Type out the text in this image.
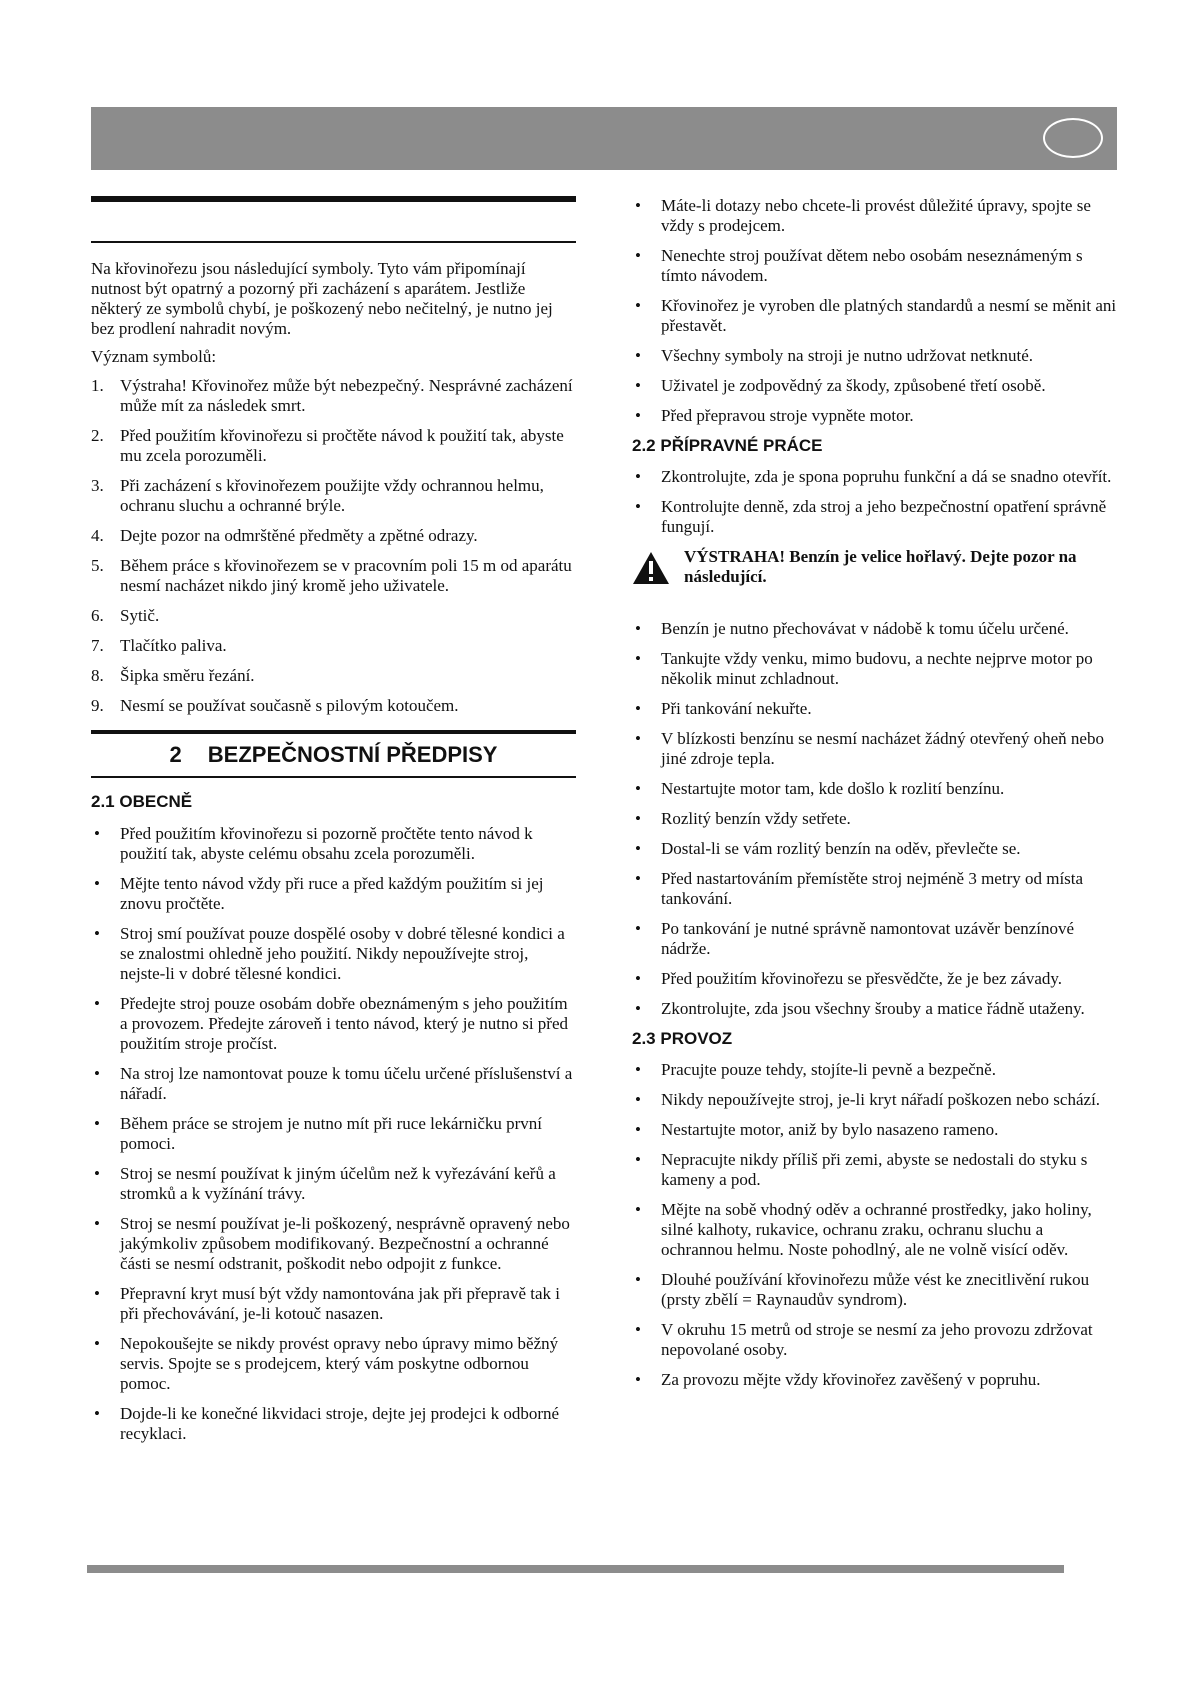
Na křovinořezu jsou následující symboly. Tyto vám připomínají nutnost být opatrný a pozorný při zacházení s aparátem. Jestliže některý ze symbolů chybí, je poškozený nebo nečitelný, je nutno jej bez prodlení nahradit novým.

Význam symbolů:

1. Výstraha! Křovinořez může být nebezpečný. Nesprávné zacházení může mít za následek smrt.
2. Před použitím křovinořezu si pročtěte návod k použití tak, abyste mu zcela porozuměli.
3. Při zacházení s křovinořezem použijte vždy ochrannou helmu, ochranu sluchu a ochranné brýle.
4. Dejte pozor na odmrštěné předměty a zpětné odrazy.
5. Během práce s křovinořezem se v pracovním poli 15 m od aparátu nesmí nacházet nikdo jiný kromě jeho uživatele.
6. Sytič.
7. Tlačítko paliva.
8. Šipka směru řezání.
9. Nesmí se používat současně s pilovým kotoučem.
2 BEZPEČNOSTNÍ PŘEDPISY
2.1 OBECNĚ
• Před použitím křovinořezu si pozorně pročtěte tento návod k použití tak, abyste celému obsahu zcela porozuměli.
• Mějte tento návod vždy při ruce a před každým použitím si jej znovu pročtěte.
• Stroj smí používat pouze dospělé osoby v dobré tělesné kondici a se znalostmi ohledně jeho použití. Nikdy nepoužívejte stroj, nejste-li v dobré tělesné kondici.
• Předejte stroj pouze osobám dobře obeznámeným s jeho použitím a provozem. Předejte zároveň i tento návod, který je nutno si před použitím stroje pročíst.
• Na stroj lze namontovat pouze k tomu účelu určené příslušenství a nářadí.
• Během práce se strojem je nutno mít při ruce lekárničku první pomoci.
• Stroj se nesmí používat k jiným účelům než k vyřezávání keřů a stromků a k vyžínání trávy.
• Stroj se nesmí používat je-li poškozený, nesprávně opravený nebo jakýmkoliv způsobem modifikovaný. Bezpečnostní a ochranné části se nesmí odstranit, poškodit nebo odpojit z funkce.
• Přepravní kryt musí být vždy namontována jak při přepravě tak i při přechovávání, je-li kotouč nasazen.
• Nepokoušejte se nikdy provést opravy nebo úpravy mimo běžný servis. Spojte se s prodejcem, který vám poskytne odbornou pomoc.
• Dojde-li ke konečné likvidaci stroje, dejte jej prodejci k odborné recyklaci.
• Máte-li dotazy nebo chcete-li provést důležité úpravy, spojte se vždy s prodejcem.
• Nenechte stroj používat dětem nebo osobám neseznámeným s tímto návodem.
• Křovinořez je vyroben dle platných standardů a nesmí se měnit ani přestavět.
• Všechny symboly na stroji je nutno udržovat netknuté.
• Uživatel je zodpovědný za škody, způsobené třetí osobě.
• Před přepravou stroje vypněte motor.
2.2 PŘÍPRAVNÉ PRÁCE
• Zkontrolujte, zda je spona popruhu funkční a dá se snadno otevřít.
• Kontrolujte denně, zda stroj a jeho bezpečnostní opatření správně fungují.
VÝSTRAHA! Benzín je velice hořlavý. Dejte pozor na následující.
• Benzín je nutno přechovávat v nádobě k tomu účelu určené.
• Tankujte vždy venku, mimo budovu, a nechte nejprve motor po několik minut zchladnout.
• Při tankování nekuřte.
• V blízkosti benzínu se nesmí nacházet žádný otevřený oheň nebo jiné zdroje tepla.
• Nestartujte motor tam, kde došlo k rozlití benzínu.
• Rozlitý benzín vždy setřete.
• Dostal-li se vám rozlitý benzín na oděv, převlečte se.
• Před nastartováním přemístěte stroj nejméně 3 metry od místa tankování.
• Po tankování je nutné správně namontovat uzávěr benzínové nádrže.
• Před použitím křovinořezu se přesvědčte, že je bez závady.
• Zkontrolujte, zda jsou všechny šrouby a matice řádně utaženy.
2.3 PROVOZ
• Pracujte pouze tehdy, stojíte-li pevně a bezpečně.
• Nikdy nepoužívejte stroj, je-li kryt nářadí poškozen nebo schází.
• Nestartujte motor, aniž by bylo nasazeno rameno.
• Nepracujte nikdy příliš při zemi, abyste se nedostali do styku s kameny a pod.
• Mějte na sobě vhodný oděv a ochranné prostředky, jako holiny, silné kalhoty, rukavice, ochranu zraku, ochranu sluchu a ochrannou helmu. Noste pohodlný, ale ne volně visící oděv.
• Dlouhé používání křovinořezu může vést ke znecitlivění rukou (prsty zbělí = Raynaudův syndrom).
• V okruhu 15 metrů od stroje se nesmí za jeho provozu zdržovat nepovolané osoby.
• Za provozu mějte vždy křovinořez zavěšený v popruhu.
